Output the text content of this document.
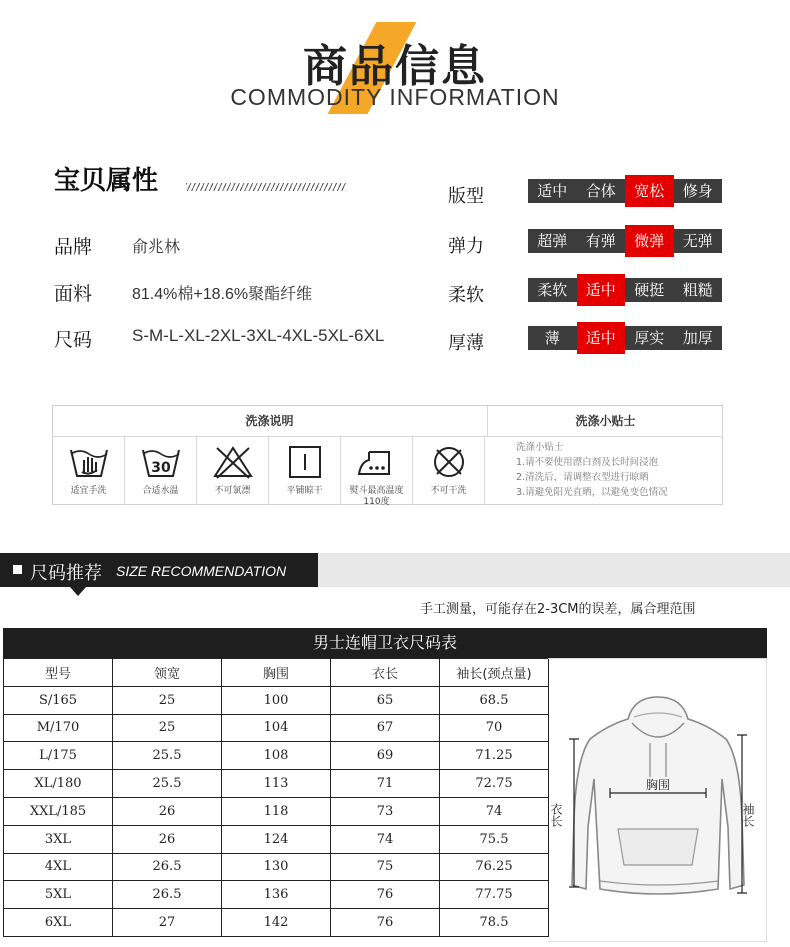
商品信息
COMMODITY INFORMATION
宝贝属性
品牌 俞兆林
面料 81.4%棉+18.6%聚酯纤维
尺码 S-M-L-XL-2XL-3XL-4XL-5XL-6XL
版型	适中	合体	宽松	修身
弹力	超弹	有弹	微弹	无弹
柔软	柔软	适中	硬挺	粗糙
厚薄	薄	适中	厚实	加厚
洗涤说明	洗涤小贴士
适宜手洗
30
合适水温	不可氯漂	平铺晾干	熨斗最高温度110度
不可干洗
洗涤小贴士
1.请不要使用漂白剂及长时间浸泡
2.清洗后，请调整衣型进行晾晒
3.请避免阳光直晒，以避免变色情况
尺码推荐 SIZE RECOMMENDATION
手工测量，可能存在2-3CM的误差，属合理范围
男士连帽卫衣尺码表
型号	领宽	胸围	衣长	袖长(颈点量)
S/165	25	100	65	68.5
M/170	25	104	67	70
L/175	25.5	108	69	71.25
XL/180	25.5	113	71	72.75
XXL/185	26	118	73	74
3XL	26	124	74	75.5
4XL	26.5	130	75	76.25
5XL	26.5	136	76	77.75
6XL	27	142	76	78.5
衣长
胸围
袖长
